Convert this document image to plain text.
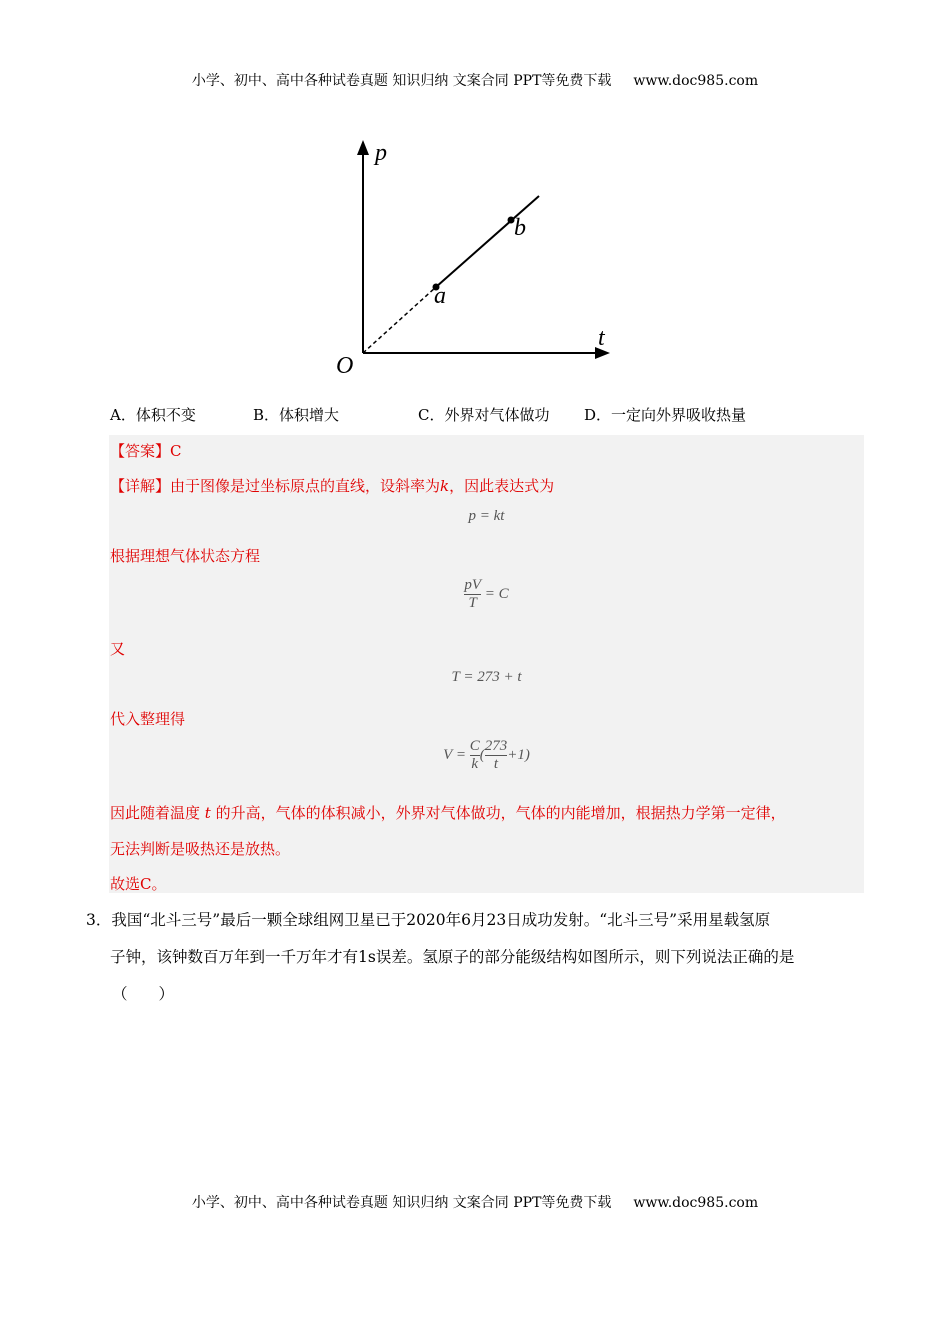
小学、初中、高中各种试卷真题 知识归纳 文案合同 PPT等免费下载 www.doc985.com
p
t
O
a
b
A．体积不变	B．体积增大	C．外界对气体做功 D．一定向外界吸收热量
【答案】C
【详解】由于图像是过坐标原点的直线，设斜率为k，因此表达式为
p = kt
根据理想气体状态方程
$\frac{pV}{T} = C$
又
T = 273 + t
代入整理得
$V = \frac{C}{k}$ ( $\frac{273}{t} +1$)
因此随着温度 t 的升高，气体的体积减小，外界对气体做功，气体的内能增加，根据热力学第一定律，
无法判断是吸热还是放热。
故选C。
3．我国“北斗三号”最后一颗全球组网卫星已于2020年6月23日成功发射。“北斗三号”采用星载氢原
子钟，该钟数百万年到一千万年才有1s误差。氢原子的部分能级结构如图所示，则下列说法正确的是
（　　）
小学、初中、高中各种试卷真题 知识归纳 文案合同 PPT等免费下载 www.doc985.com
